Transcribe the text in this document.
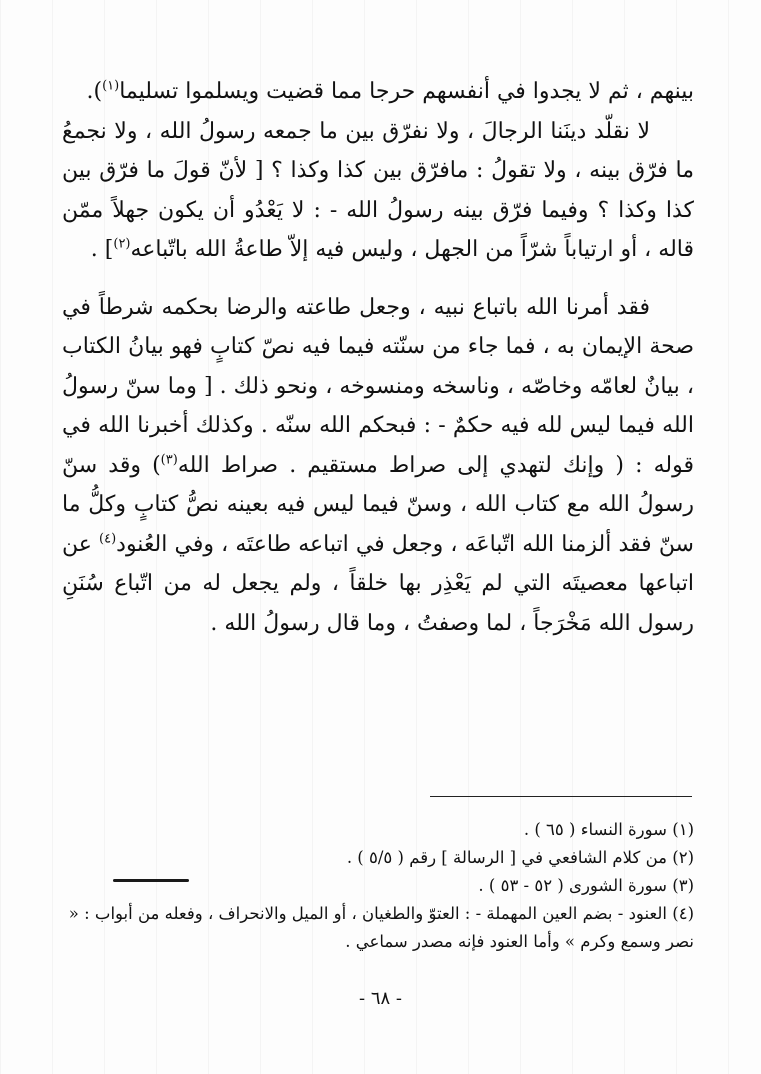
بينهم ، ثم لا يجدوا في أنفسهم حرجا مما قضيت ويسلموا تسليما$^{(١)}$).

لا نقلّد دينَنا الرجالَ ، ولا نفرّق بين ما جمعه رسولُ الله ، ولا نجمعُ ما فرّق بينه ، ولا تقولُ : مافرّق بين كذا وكذا ؟ [ لأنّ قولَ ما فرّق بين كذا وكذا ؟ وفيما فرّق بينه رسولُ الله - : لا يَعْدُو أن يكون جهلاً ممّن قاله ، أو ارتياباً شرّاً من الجهل ، وليس فيه إلاّ طاعةُ الله باتّباعه$^{(٢)}$] .

فقد أمرنا الله باتباع نبيه ، وجعل طاعته والرضا بحكمه شرطاً في صحة الإيمان به ، فما جاء من سنّته فيما فيه نصّ كتابٍ فهو بيانُ الكتاب ، بيانٌ لعامّه وخاصّه ، وناسخه ومنسوخه ، ونحو ذلك . [ وما سنّ رسولُ الله فيما ليس لله فيه حكمٌ - : فبحكم الله سنّه . وكذلك أخبرنا الله في قوله : ( وإنك لتهدي إلى صراط مستقيم . صراط الله$^{(٣)}$) وقد سنّ رسولُ الله مع كتاب الله ، وسنّ فيما ليس فيه بعينه نصُّ كتابٍ وكلُّ ما سنّ فقد ألزمنا الله اتّباعَه ، وجعل في اتباعه طاعتَه ، وفي العُنود$^{(٤)}$ عن اتباعها معصيتَه التي لم يَعْذِر بها خلقاً ، ولم يجعل له من اتّباع سُنَنِ رسول الله مَخْرَجاً ، لما وصفتُ ، وما قال رسولُ الله .

(١) سورة النساء ( ٦٥ ) .

(٢) من كلام الشافعي في [ الرسالة ] رقم ( ٥/٥ ) .

(٣) سورة الشورى ( ٥٢ - ٥٣ ) .

(٤) العنود - بضم العين المهملة - : العتوّ والطغيان ، أو الميل والانحراف ، وفعله من أبواب : « نصر وسمع وكرم » وأما العنود فإنه مصدر سماعي .

- ٦٨ -
